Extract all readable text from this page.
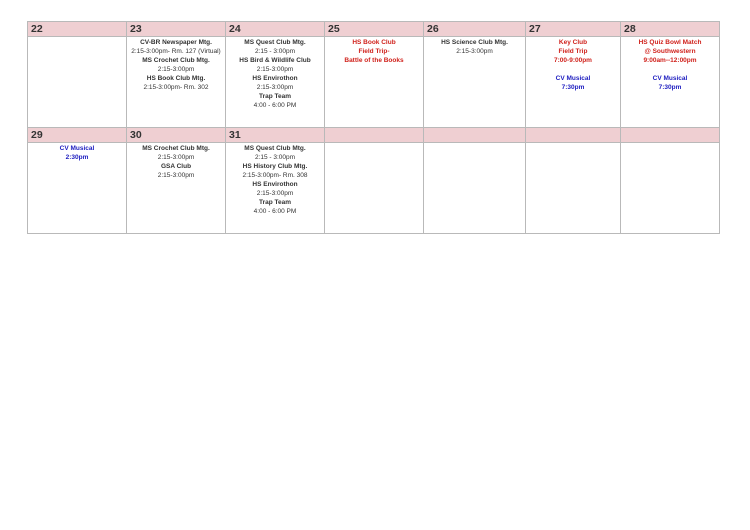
22	23
CV-BR Newspaper Mtg.
2:15-3:00pm- Rm. 127 (Virtual)
MS Crochet Club Mtg.
2:15-3:00pm
HS Book Club Mtg.
2:15-3:00pm- Rm. 302
24
MS Quest Club Mtg.
2:15 - 3:00pm
HS Bird & Wildlife Club
2:15-3:00pm
HS Envirothon
2:15-3:00pm
Trap Team
4:00 - 6:00 PM
25
HS Book Club
Field Trip-
Battle of the Books
26
HS Science Club Mtg.
2:15-3:00pm
27
Key Club
Field Trip
7:00-9:00pm
CV Musical
7:30pm
28
HS Quiz Bowl Match
@ Southwestern
9:00am--12:00pm
CV Musical
7:30pm
29
CV Musical
2:30pm
30
MS Crochet Club Mtg.
2:15-3:00pm
GSA Club
2:15-3:00pm
31
MS Quest Club Mtg.
2:15 - 3:00pm
HS History Club Mtg.
2:15-3:00pm- Rm. 308
HS Envirothon
2:15-3:00pm
Trap Team
4:00 - 6:00 PM
